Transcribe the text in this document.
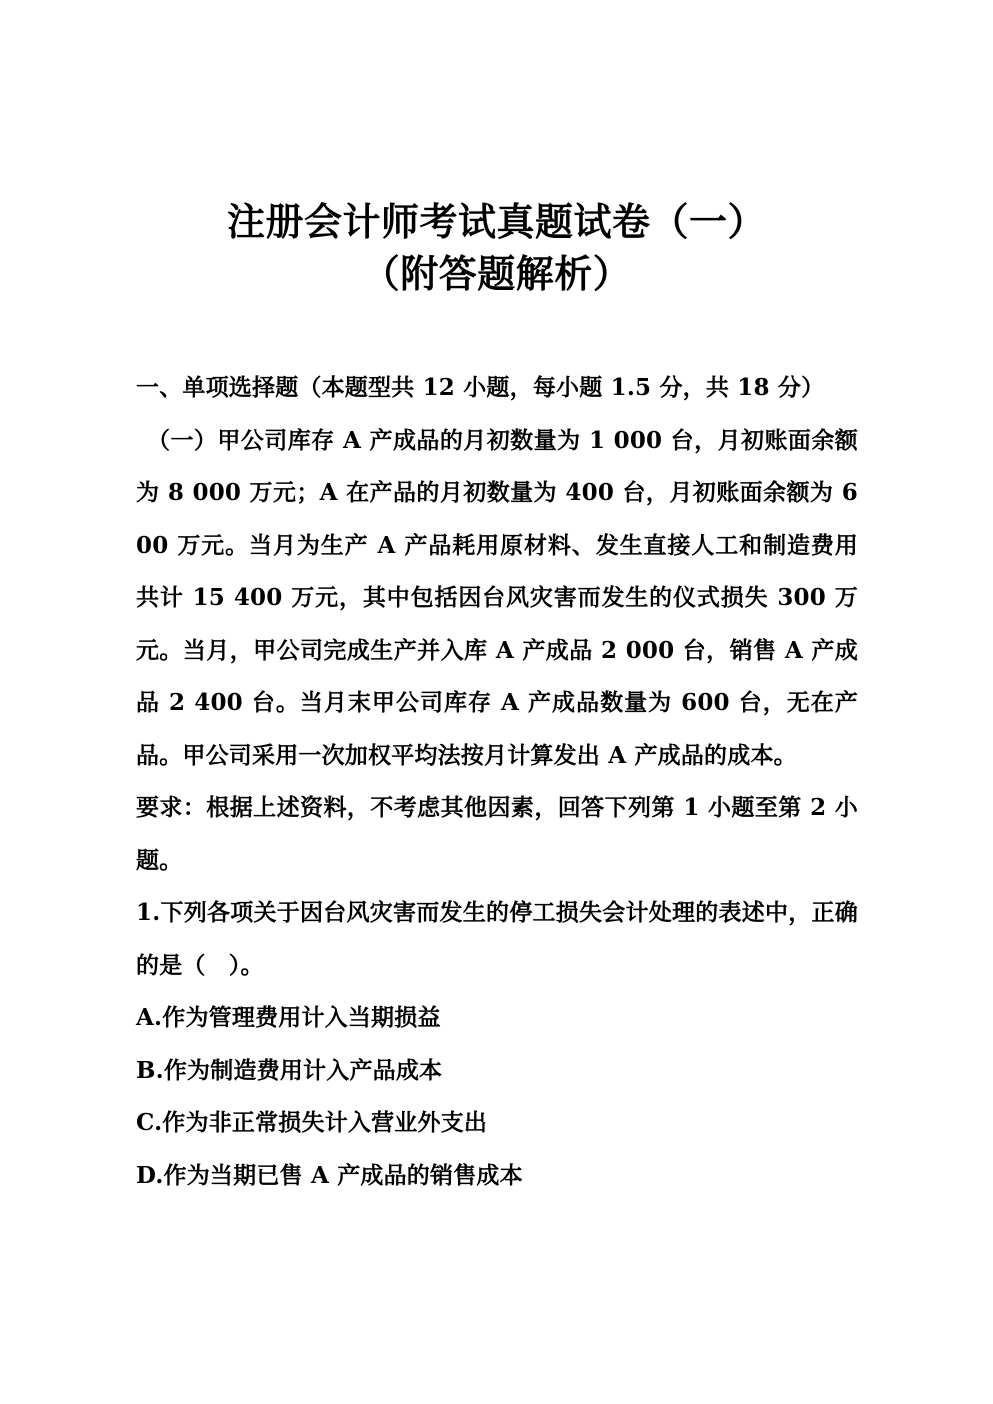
注册会计师考试真题试卷（一）
（附答题解析）

一、单项选择题（本题型共 12 小题，每小题 1.5 分，共 18 分）

（一）甲公司库存 A 产成品的月初数量为 1 000 台，月初账面余额为 8 000 万元；A 在产品的月初数量为 400 台，月初账面余额为 600 万元。当月为生产 A 产品耗用原材料、发生直接人工和制造费用共计 15 400 万元，其中包括因台风灾害而发生的仪式损失 300 万元。当月，甲公司完成生产并入库 A 产成品 2 000 台，销售 A 产成品 2 400 台。当月末甲公司库存 A 产成品数量为 600 台，无在产品。甲公司采用一次加权平均法按月计算发出 A 产成品的成本。

要求：根据上述资料，不考虑其他因素，回答下列第 1 小题至第 2 小题。

1.下列各项关于因台风灾害而发生的停工损失会计处理的表述中，正确的是（　）。

A.作为管理费用计入当期损益

B.作为制造费用计入产品成本

C.作为非正常损失计入营业外支出

D.作为当期已售 A 产成品的销售成本
